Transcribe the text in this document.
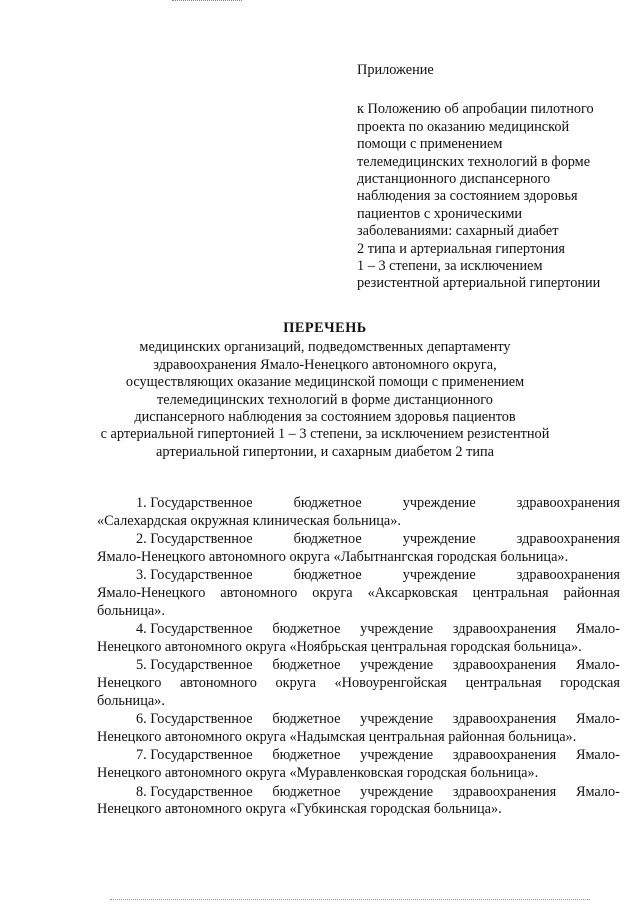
Приложение

к Положению об апробации пилотного
проекта по оказанию медицинской
помощи с применением
телемедицинских технологий в форме
дистанционного диспансерного
наблюдения за состоянием здоровья
пациентов с хроническими
заболеваниями: сахарный диабет
2 типа и артериальная гипертония
1 – 3 степени, за исключением
резистентной артериальной гипертонии

ПЕРЕЧЕНЬ
медицинских организаций, подведомственных департаменту
здравоохранения Ямало-Ненецкого автономного округа,
осуществляющих оказание медицинской помощи с применением
телемедицинских технологий в форме дистанционного
диспансерного наблюдения за состоянием здоровья пациентов
с артериальной гипертонией 1 – 3 степени, за исключением резистентной
артериальной гипертонии, и сахарным диабетом 2 типа
1. Государственное	бюджетное	учреждение	здравоохранения
«Салехардская окружная клиническая больница».
2. Государственное	бюджетное	учреждение	здравоохранения
Ямало-Ненецкого автономного округа «Лабытнангская городская больница».
3. Государственное	бюджетное	учреждение	здравоохранения
Ямало-Ненецкого автономного округа «Аксарковская центральная районная
больница».
4. Государственное бюджетное учреждение здравоохранения Ямало-
Ненецкого автономного округа «Ноябрьская центральная городская больница».
5. Государственное бюджетное учреждение здравоохранения Ямало-
Ненецкого автономного округа «Новоуренгойская центральная городская
больница».
6. Государственное бюджетное учреждение здравоохранения Ямало-
Ненецкого автономного округа «Надымская центральная районная больница».
7. Государственное бюджетное учреждение здравоохранения Ямало-
Ненецкого автономного округа «Муравленковская городская больница».
8. Государственное бюджетное учреждение здравоохранения Ямало-
Ненецкого автономного округа «Губкинская городская больница».
